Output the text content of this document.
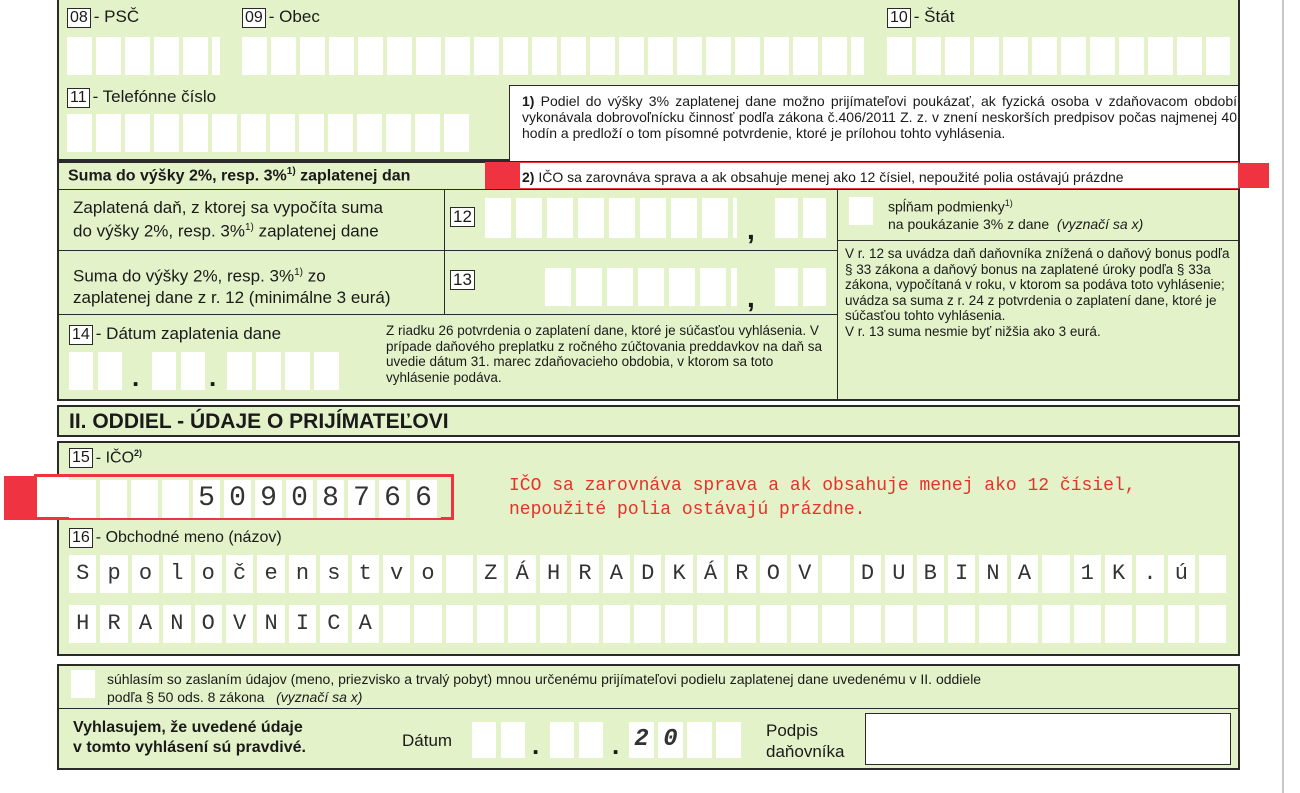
08 - PSČ	09 - Obec	10 - Štát
11 - Telefónne číslo	1) Podiel do výšky 3% zaplatenej dane možno prijímateľovi poukázať, ak fyzická osoba v zdaňovacom období vykonávala dobrovoľnícku činnosť podľa zákona č.406/2011 Z. z. v znení neskorších predpisov počas najmenej 40 hodín a predloží o tom písomné potvrdenie, ktoré je prílohou tohto vyhlásenia.
Suma do výšky 2%, resp. 3%$^{1)}$ zaplatenej dan	2) IČO sa zarovnáva sprava a ak obsahuje menej ako 12 čísiel, nepoužité polia ostávajú prázdne
Zaplatená daň, z ktorej sa vypočíta suma
do výšky 2%, resp. 3%$^{1)}$ zaplatenej dane
12	,
spĺňam podmienky$^{1)}$
na poukázanie 3% z dane (vyznačí sa x)
V r. 12 sa uvádza daň daňovníka znížená o daňový bonus podľa § 33 zákona a daňový bonus na zaplatené úroky podľa § 33a zákona, vypočítaná v roku, v ktorom sa podáva toto vyhlásenie; uvádza sa suma z r. 24 z potvrdenia o zaplatení dane, ktoré je súčasťou tohto vyhlásenia.
V r. 13 suma nesmie byť nižšia ako 3 eurá.
Suma do výšky 2%, resp. 3%$^{1)}$ zo
zaplatenej dane z r. 12 (minimálne 3 eurá)
13
,
14 - Dátum zaplatenia dane
.	.
Z riadku 26 potvrdenia o zaplatení dane, ktoré je súčasťou vyhlásenia. V prípade daňového preplatku z ročného zúčtovania preddavkov na daň sa uvedie dátum 31. marec zdaňovacieho obdobia, v ktorom sa toto vyhlásenie podáva.
II. ODDIEL - ÚDAJE O PRIJÍMATEĽOVI
15 - IČO$^{2)}$
5 0 9 0 8 7 6 6	IČO sa zarovnáva sprava a ak obsahuje menej ako 12 čísiel,
nepoužité polia ostávajú prázdne.
16 - Obchodné meno (názov)
S p o l o č e n s t v o	Z Á H R A D K Á R O V	D U B I N A	1 K . ú
H R A N O V N I C A
súhlasím so zaslaním údajov (meno, priezvisko a trvalý pobyt) mnou určenému prijímateľovi podielu zaplatenej dane uvedenému v II. oddiele
podľa § 50 ods. 8 zákona (vyznačí sa x)
Vyhlasujem, že uvedené údaje
v tomto vyhlásení sú pravdivé.	Dátum	.	. 2 0	Podpis
daňovníka
